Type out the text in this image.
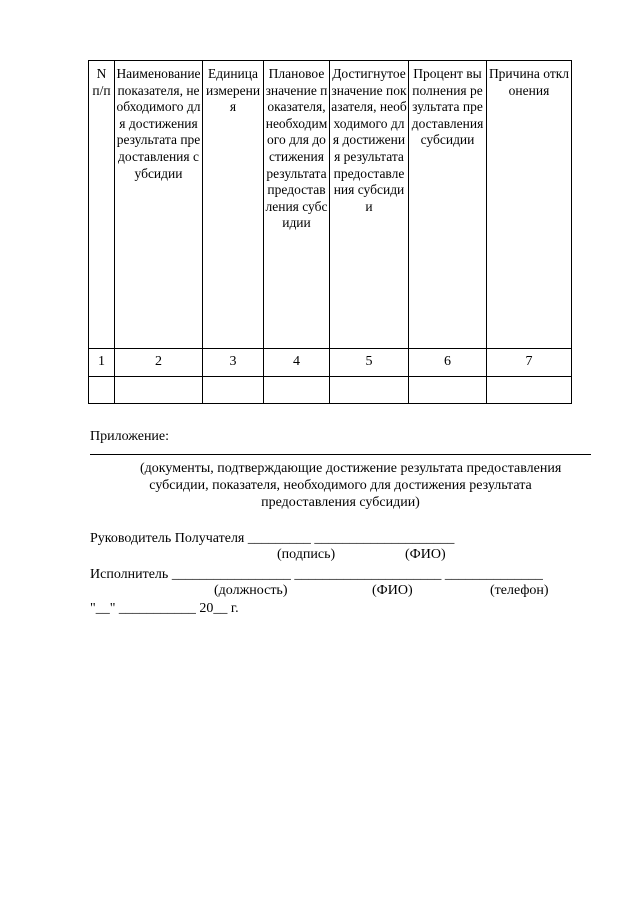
N п/п	Наименование показателя, необходимого для достижения результата предоставления субсидии	Единица измерения	Плановое значение показателя, необходимого для достижения результата предоставления субсидии	Достигнутое значение показателя, необходимого для достижения результата предоставления субсидии	Процент выполнения результата предоставления субсидии	Причина отклонения
1	2	3	4	5	6	7

Приложение:
(документы, подтверждающие достижение результата предоставления
субсидии, показателя, необходимого для достижения результата
предоставления субсидии)
Руководитель Получателя _________ ____________________
(подпись)	(ФИО)
Исполнитель _________________ _____________________ ______________
(должность)	(ФИО)	(телефон)
"__" ___________ 20__ г.
